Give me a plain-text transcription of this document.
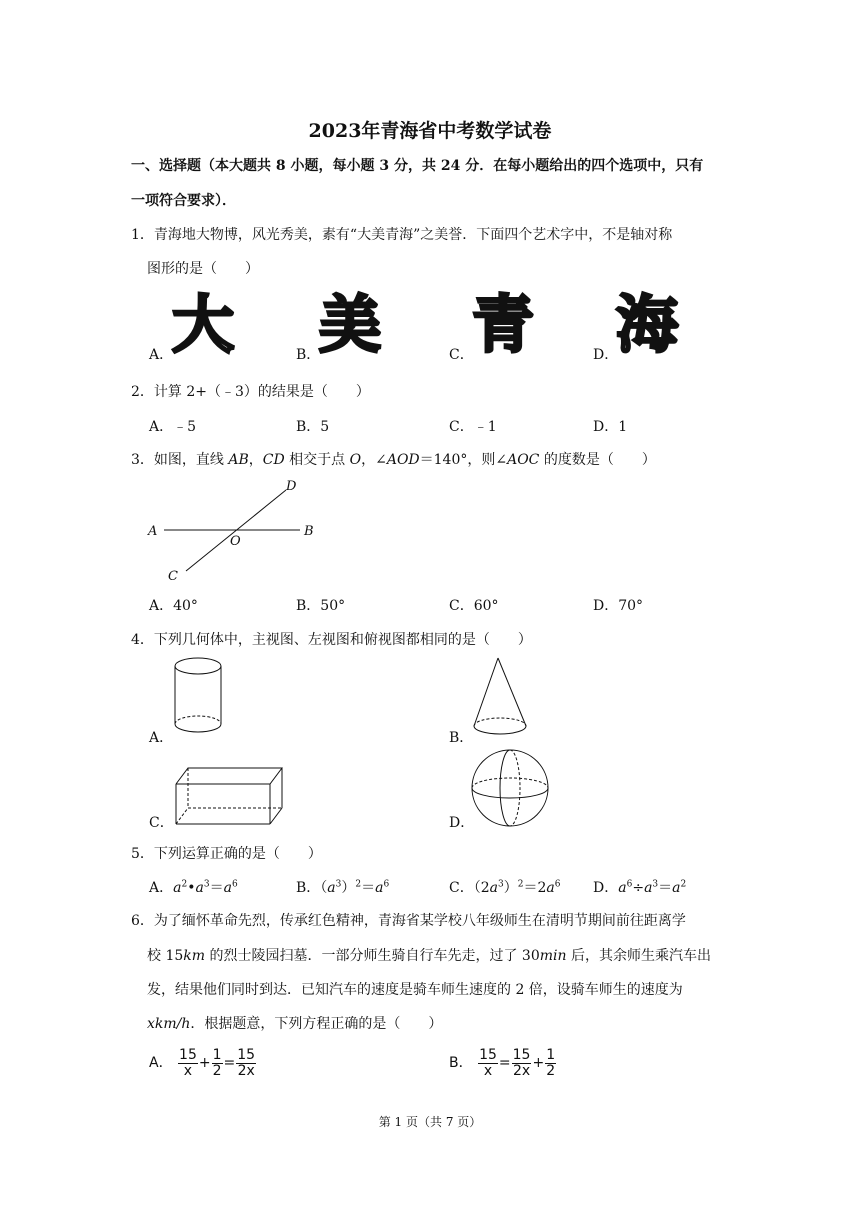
2023年青海省中考数学试卷
一、选择题（本大题共 8 小题，每小题 3 分，共 24 分．在每小题给出的四个选项中，只有
一项符合要求）．
1．青海地大物博，风光秀美，素有“大美青海”之美誉．下面四个艺术字中，不是轴对称
图形的是（　　）
A．
大	B．
美	C．
青	D．
海
2．计算 2+（﹣3）的结果是（　　）
A．﹣5	B．5	C．﹣1	D．1
3．如图，直线 AB，CD 相交于点 O，∠AOD＝140°，则∠AOC 的度数是（　　）
A	B
C
D
O
A．40°	B．50°	C．60°	D．70°
4．下列几何体中，主视图、左视图和俯视图都相同的是（　　）
A．	B．
C．	D．
5．下列运算正确的是（　　）
A．$a^2•a^3=a^6$	B．$(a^3)^2=a^6$	C．$(2a^3)^2=2a^6$ D．$a^6\div a^3=a^2$
6．为了缅怀革命先烈，传承红色精神，青海省某学校八年级师生在清明节期间前往距离学
校 15km 的烈士陵园扫墓．一部分师生骑自行车先走，过了 30min 后，其余师生乘汽车出
发，结果他们同时到达．已知汽车的速度是骑车师生速度的 2 倍，设骑车师生的速度为
xkm/h．根据题意，下列方程正确的是（　　）
A． $\frac{15}{x} + \frac{1}{2} = \frac{15}{2x}$	B． $\frac{15}{x} = \frac{15}{2x} + \frac{1}{2}$
第 1 页（共 7 页）
